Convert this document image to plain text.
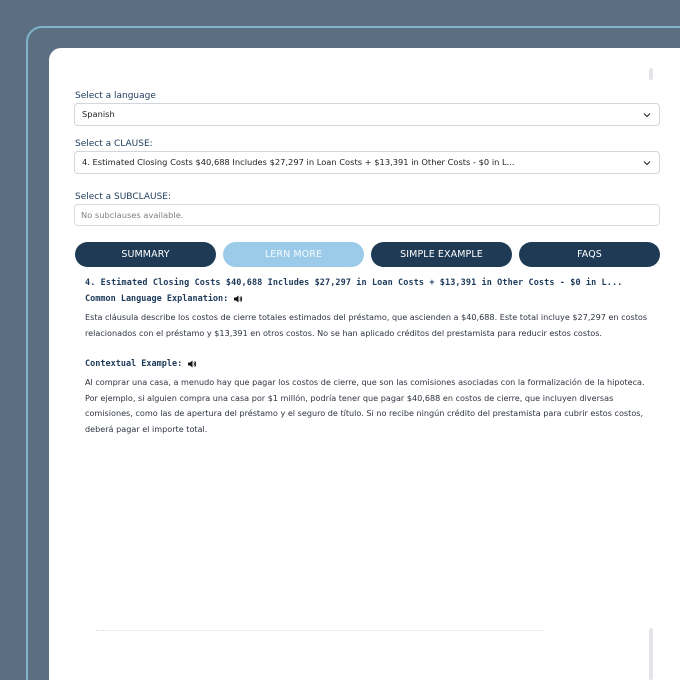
Select a language
Spanish
Select a CLAUSE:
4. Estimated Closing Costs $40,688 Includes $27,297 in Loan Costs + $13,391 in Other Costs - $0 in L...
Select a SUBCLAUSE:
No subclauses available.
SUMMARY	LERN MORE	SIMPLE EXAMPLE	FAQS
4. Estimated Closing Costs $40,688 Includes $27,297 in Loan Costs + $13,391 in Other Costs - $0 in L...
Common Language Explanation:
Esta cláusula describe los costos de cierre totales estimados del préstamo, que ascienden a $40,688. Este total incluye $27,297 en costos relacionados con el préstamo y $13,391 en otros costos. No se han aplicado créditos del prestamista para reducir estos costos.
Contextual Example:
Al comprar una casa, a menudo hay que pagar los costos de cierre, que son las comisiones asociadas con la formalización de la hipoteca. Por ejemplo, si alguien compra una casa por $1 millón, podría tener que pagar $40,688 en costos de cierre, que incluyen diversas comisiones, como las de apertura del préstamo y el seguro de título. Si no recibe ningún crédito del prestamista para cubrir estos costos, deberá pagar el importe total.
